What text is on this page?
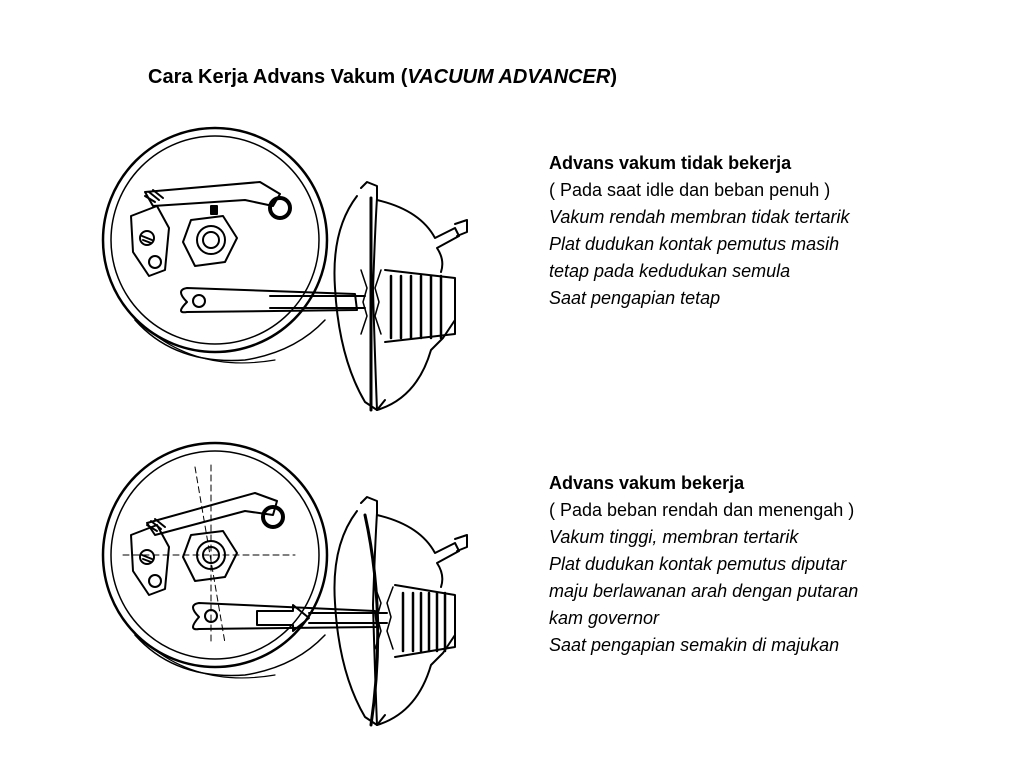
Cara Kerja Advans Vakum (VACUUM ADVANCER)
Advans vakum tidak bekerja
( Pada saat idle dan beban penuh )
Vakum rendah membran tidak tertarik
Plat dudukan kontak pemutus masih
tetap pada kedudukan semula
Saat pengapian tetap
Advans vakum bekerja
( Pada beban rendah dan menengah )
Vakum tinggi, membran tertarik
Plat dudukan kontak pemutus diputar
maju berlawanan arah dengan putaran
kam governor
Saat pengapian semakin di majukan
